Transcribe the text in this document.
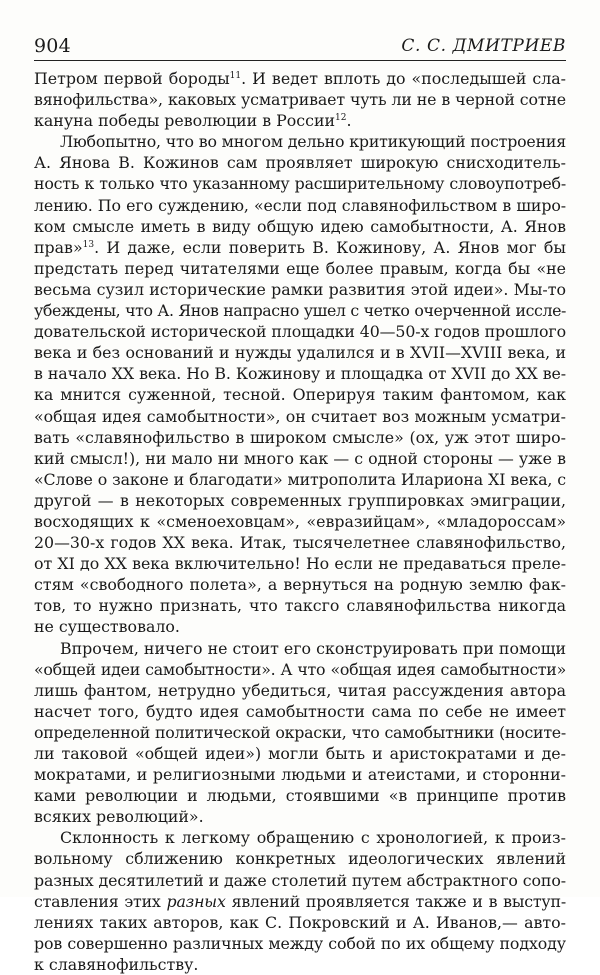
904	С. С. ДМИТРИЕВ
Петром первой бороды$^{11}$. И ведет вплоть до «последышей сла-
вянофильства», каковых усматривает чуть ли не в черной сотне
кануна победы революции в России$^{12}$.
Любопытно, что во многом дельно критикующий построения
А. Янова В. Кожинов сам проявляет широкую снисходитель-
ность к только что указанному расширительному словоупотреб-
лению. По его суждению, «если под славянофильством в широ-
ком смысле иметь в виду общую идею самобытности, А. Янов
прав»$^{13}$. И даже, если поверить В. Кожинову, А. Янов мог бы
предстать перед читателями еще более правым, когда бы «не
весьма сузил исторические рамки развития этой идеи». Мы-то
убеждены, что А. Янов напрасно ушел с четко очерченной иссле-
довательской исторической площадки 40—50-х годов прошлого
века и без оснований и нужды удалился и в XVII—XVIII века, и
в начало XX века. Но В. Кожинову и площадка от XVII до XX ве-
ка мнится суженной, тесной. Оперируя таким фантомом, как
«общая идея самобытности», он считает воз можным усматри-
вать «славянофильство в широком смысле» (ох, уж этот широ-
кий смысл!), ни мало ни много как — с одной стороны — уже в
«Слове о законе и благодати» митрополита Илариона XI века, с
другой — в некоторых современных группировках эмиграции,
восходящих к «сменоеховцам», «евразийцам», «младороссам»
20—30-х годов XX века. Итак, тысячелетнее славянофильство,
от XI до XX века включительно! Но если не предаваться преле-
стям «свободного полета», а вернуться на родную землю фак-
тов, то нужно признать, что таксго славянофильства никогда
не существовало.
Впрочем, ничего не стоит его сконструировать при помощи
«общей идеи самобытности». А что «общая идея самобытности»
лишь фантом, нетрудно убедиться, читая рассуждения автора
насчет того, будто идея самобытности сама по себе не имеет
определенной политической окраски, что самобытники (носите-
ли таковой «общей идеи») могли быть и аристократами и де-
мократами, и религиозными людьми и атеистами, и сторонни-
ками революции и людьми, стоявшими «в принципе против
всяких революций».
Склонность к легкому обращению с хронологией, к произ-
вольному сближению конкретных идеологических явлений
разных десятилетий и даже столетий путем абстрактного сопо-
ставления этих разных явлений проявляется также и в выступ-
лениях таких авторов, как С. Покровский и А. Иванов,— авто-
ров совершенно различных между собой по их общему подходу
к славянофильству.
